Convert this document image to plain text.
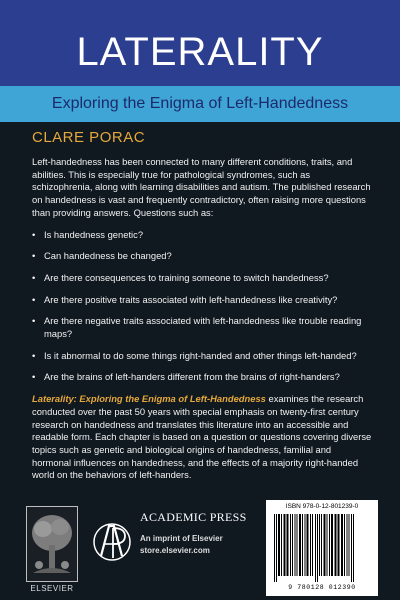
LATERALITY
Exploring the Enigma of Left-Handedness
CLARE PORAC

Left-handedness has been connected to many different conditions, traits, and abilities. This is especially true for pathological syndromes, such as schizophrenia, along with learning disabilities and autism. The published research on handedness is vast and frequently contradictory, often raising more questions than providing answers. Questions such as:

• Is handedness genetic?
• Can handedness be changed?
• Are there consequences to training someone to switch handedness?
• Are there positive traits associated with left-handedness like creativity?
• Are there negative traits associated with left-handedness like trouble reading maps?
• Is it abnormal to do some things right-handed and other things left-handed?
• Are the brains of left-handers different from the brains of right-handers?

Laterality: Exploring the Enigma of Left-Handedness examines the research conducted over the past 50 years with special emphasis on twenty-first century research on handedness and translates this literature into an accessible and readable form. Each chapter is based on a question or questions covering diverse topics such as genetic and biological origins of handedness, familial and hormonal influences on handedness, and the effects of a majority right-handed world on the behaviors of left-handers.

ELSEVIER
ACADEMIC PRESS
An imprint of Elsevier
store.elsevier.com
ISBN 978-0-12-801239-0
9 780128 012390
